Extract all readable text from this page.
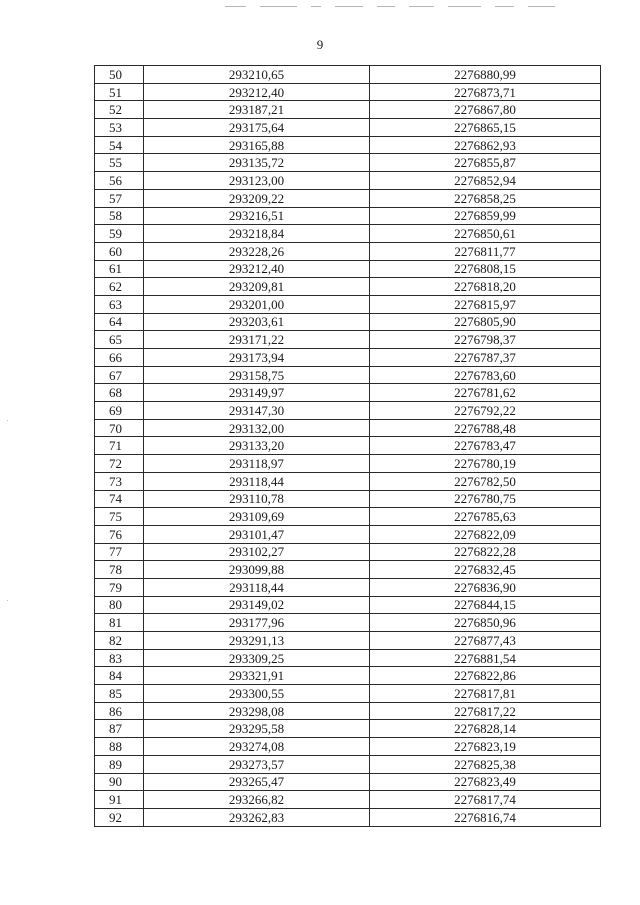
9
50	293210,65	2276880,99
51	293212,40	2276873,71
52	293187,21	2276867,80
53	293175,64	2276865,15
54	293165,88	2276862,93
55	293135,72	2276855,87
56	293123,00	2276852,94
57	293209,22	2276858,25
58	293216,51	2276859,99
59	293218,84	2276850,61
60	293228,26	2276811,77
61	293212,40	2276808,15
62	293209,81	2276818,20
63	293201,00	2276815,97
64	293203,61	2276805,90
65	293171,22	2276798,37
66	293173,94	2276787,37
67	293158,75	2276783,60
68	293149,97	2276781,62
69	293147,30	2276792,22
70	293132,00	2276788,48
71	293133,20	2276783,47
72	293118,97	2276780,19
73	293118,44	2276782,50
74	293110,78	2276780,75
75	293109,69	2276785,63
76	293101,47	2276822,09
77	293102,27	2276822,28
78	293099,88	2276832,45
79	293118,44	2276836,90
80	293149,02	2276844,15
81	293177,96	2276850,96
82	293291,13	2276877,43
83	293309,25	2276881,54
84	293321,91	2276822,86
85	293300,55	2276817,81
86	293298,08	2276817,22
87	293295,58	2276828,14
88	293274,08	2276823,19
89	293273,57	2276825,38
90	293265,47	2276823,49
91	293266,82	2276817,74
92	293262,83	2276816,74
